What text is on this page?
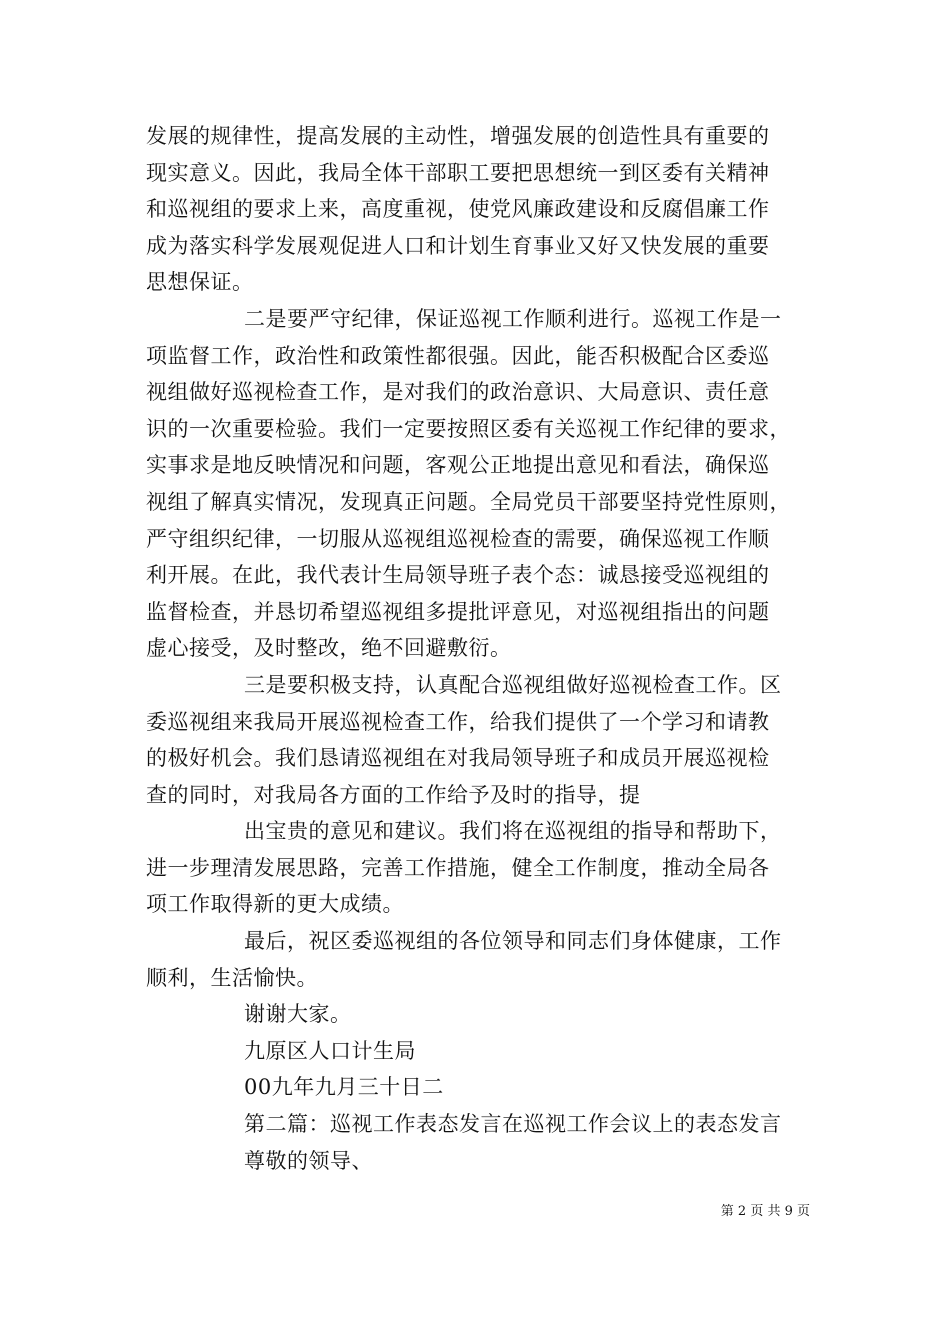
发展的规律性，提高发展的主动性，增强发展的创造性具有重要的
现实意义。因此，我局全体干部职工要把思想统一到区委有关精神
和巡视组的要求上来，高度重视，使党风廉政建设和反腐倡廉工作
成为落实科学发展观促进人口和计划生育事业又好又快发展的重要
思想保证。
二是要严守纪律，保证巡视工作顺利进行。巡视工作是一
项监督工作，政治性和政策性都很强。因此，能否积极配合区委巡
视组做好巡视检查工作，是对我们的政治意识、大局意识、责任意
识的一次重要检验。我们一定要按照区委有关巡视工作纪律的要求，
实事求是地反映情况和问题，客观公正地提出意见和看法，确保巡
视组了解真实情况，发现真正问题。全局党员干部要坚持党性原则，
严守组织纪律，一切服从巡视组巡视检查的需要，确保巡视工作顺
利开展。在此，我代表计生局领导班子表个态：诚恳接受巡视组的
监督检查，并恳切希望巡视组多提批评意见，对巡视组指出的问题
虚心接受，及时整改，绝不回避敷衍。
三是要积极支持，认真配合巡视组做好巡视检查工作。区
委巡视组来我局开展巡视检查工作，给我们提供了一个学习和请教
的极好机会。我们恳请巡视组在对我局领导班子和成员开展巡视检
查的同时，对我局各方面的工作给予及时的指导，提
出宝贵的意见和建议。我们将在巡视组的指导和帮助下，
进一步理清发展思路，完善工作措施，健全工作制度，推动全局各
项工作取得新的更大成绩。
最后，祝区委巡视组的各位领导和同志们身体健康，工作
顺利，生活愉快。
谢谢大家。
九原区人口计生局
00九年九月三十日二
第二篇：巡视工作表态发言在巡视工作会议上的表态发言
尊敬的领导、
第 2 页 共 9 页
